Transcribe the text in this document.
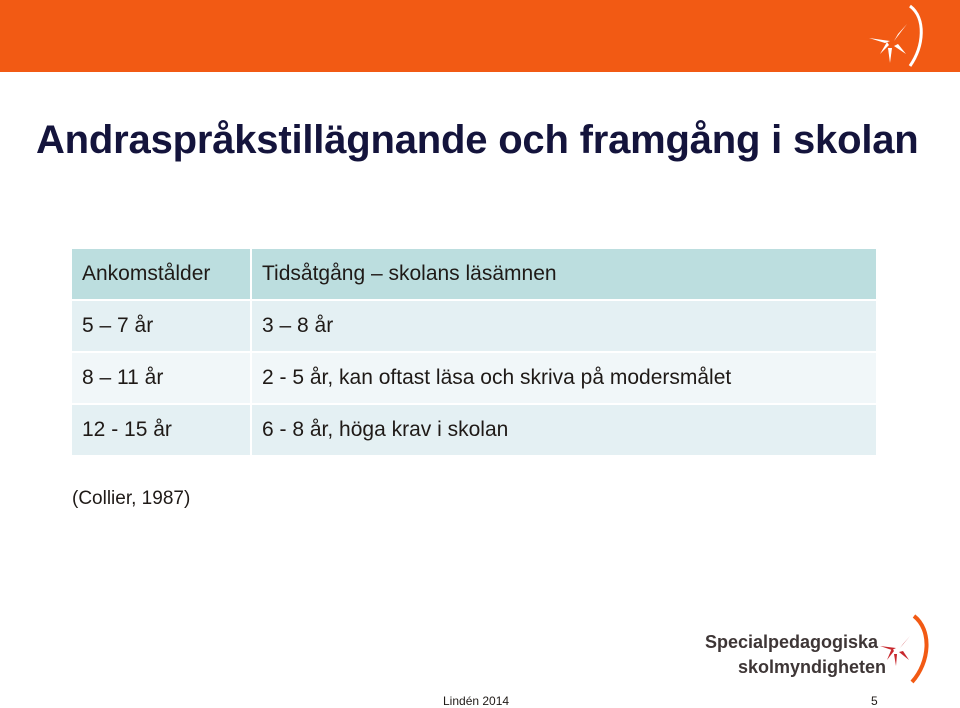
Andraspråkstillägnande och framgång i skolan
Ankomstålder	Tidsåtgång – skolans läsämnen
5 – 7 år	3 – 8 år
8 – 11 år	2 - 5 år, kan oftast läsa och skriva på modersmålet
12 - 15 år	6 - 8 år, höga krav i skolan
(Collier, 1987)
Specialpedagogiska
skolmyndigheten
Lindén 2014	5
